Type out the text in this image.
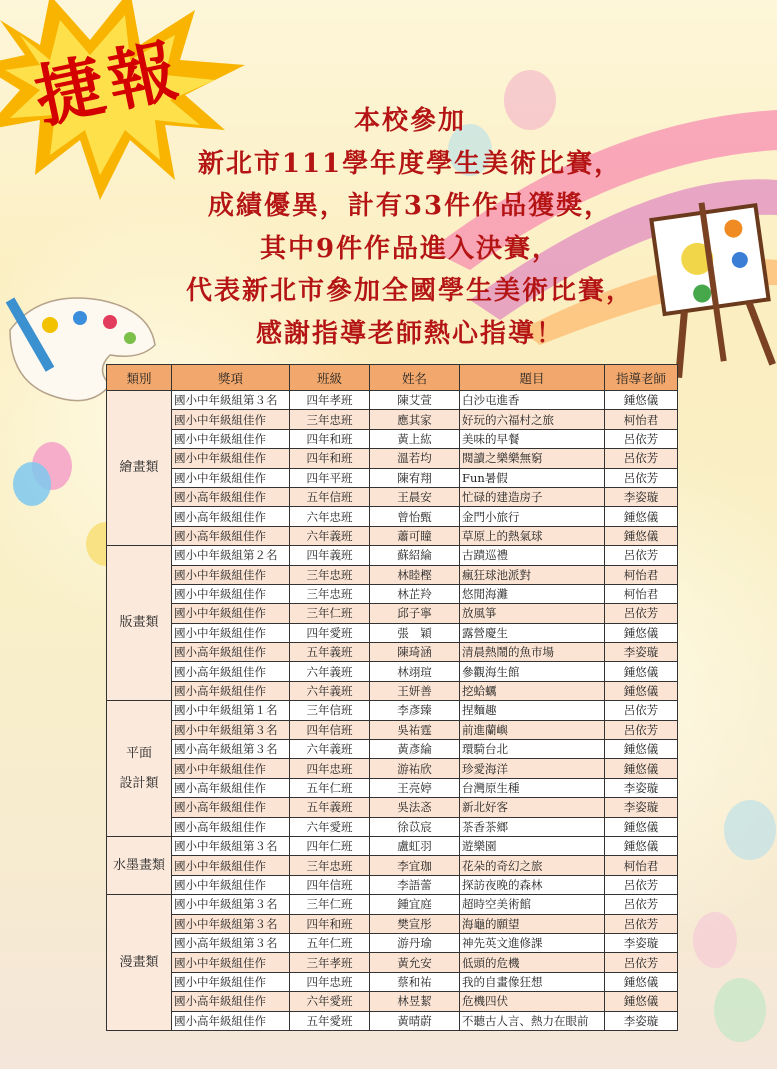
捷報	本校參加
新北市111學年度學生美術比賽，
成績優異，計有33件作品獲獎，
其中9件作品進入決賽，
代表新北市參加全國學生美術比賽，
感謝指導老師熱心指導！
類別	獎項	班級	姓名	題目	指導老師

繪畫類	國小中年級組第３名	四年孝班	陳艾萱	白沙屯進香	鍾悠儀
	國小中年級組佳作	三年忠班	應其家	好玩的六福村之旅	柯怡君
	國小中年級組佳作	四年和班	黃上紘	美味的早餐	呂依芳
	國小中年級組佳作	四年和班	溫若均	閱讀之樂樂無窮	呂依芳
	國小中年級組佳作	四年平班	陳宥翔	Fun暑假	呂依芳
	國小高年級組佳作	五年信班	王晨安	忙碌的建造房子	李姿璇
	國小高年級組佳作	六年忠班	曾怡甄	金門小旅行	鍾悠儀
	國小高年級組佳作	六年義班	蕭可瞳	草原上的熱氣球	鍾悠儀

版畫類	國小中年級組第２名	四年義班	蘇紹綸	古蹟巡禮	呂依芳
	國小中年級組佳作	三年忠班	林睦樫	瘋狂球池派對	柯怡君
	國小中年級組佳作	三年忠班	林芷羚	悠閒海灘	柯怡君
	國小中年級組佳作	三年仁班	邱子寧	放風箏	呂依芳
	國小中年級組佳作	四年愛班	張　穎	露營慶生	鍾悠儀
	國小高年級組佳作	五年義班	陳琦涵	清晨熱鬧的魚市場	李姿璇
	國小高年級組佳作	六年義班	林翊瑄	參觀海生館	鍾悠儀
	國小高年級組佳作	六年義班	王妍善	挖蛤蠣	鍾悠儀

平面
設計類	國小中年級組第１名	三年信班	李彥臻	捏麵趣	呂依芳
	國小中年級組第３名	四年信班	吳祐霆	前進蘭嶼	呂依芳
	國小高年級組第３名	六年義班	黃彥綸	環騎台北	鍾悠儀
	國小中年級組佳作	四年忠班	游祐欣	珍愛海洋	鍾悠儀
	國小高年級組佳作	五年仁班	王亮婷	台灣原生種	李姿璇
	國小高年級組佳作	五年義班	吳法忞	新北好客	李姿璇
	國小高年級組佳作	六年愛班	徐苡宸	茶香茶鄉	鍾悠儀

水墨畫類	國小中年級組第３名	四年仁班	盧虹羽	遊樂園	鍾悠儀
	國小中年級組佳作	三年忠班	李宜珈	花朵的奇幻之旅	柯怡君
	國小中年級組佳作	四年信班	李語蕾	探訪夜晚的森林	呂依芳

漫畫類	國小中年級組第３名	三年仁班	鍾宜庭	超時空美術館	呂依芳
	國小中年級組第３名	四年和班	樊宣彤	海龜的願望	呂依芳
	國小高年級組第３名	五年仁班	游丹瑜	神先英文進修課	李姿璇
	國小中年級組佳作	三年孝班	黃允安	低頭的危機	呂依芳
	國小中年級組佳作	四年忠班	蔡和祐	我的自畫像狂想	鍾悠儀
	國小高年級組佳作	六年愛班	林昱絜	危機四伏	鍾悠儀
	國小高年級組佳作	五年愛班	黃晴蔚	不聽古人言、熱力在眼前	李姿璇
